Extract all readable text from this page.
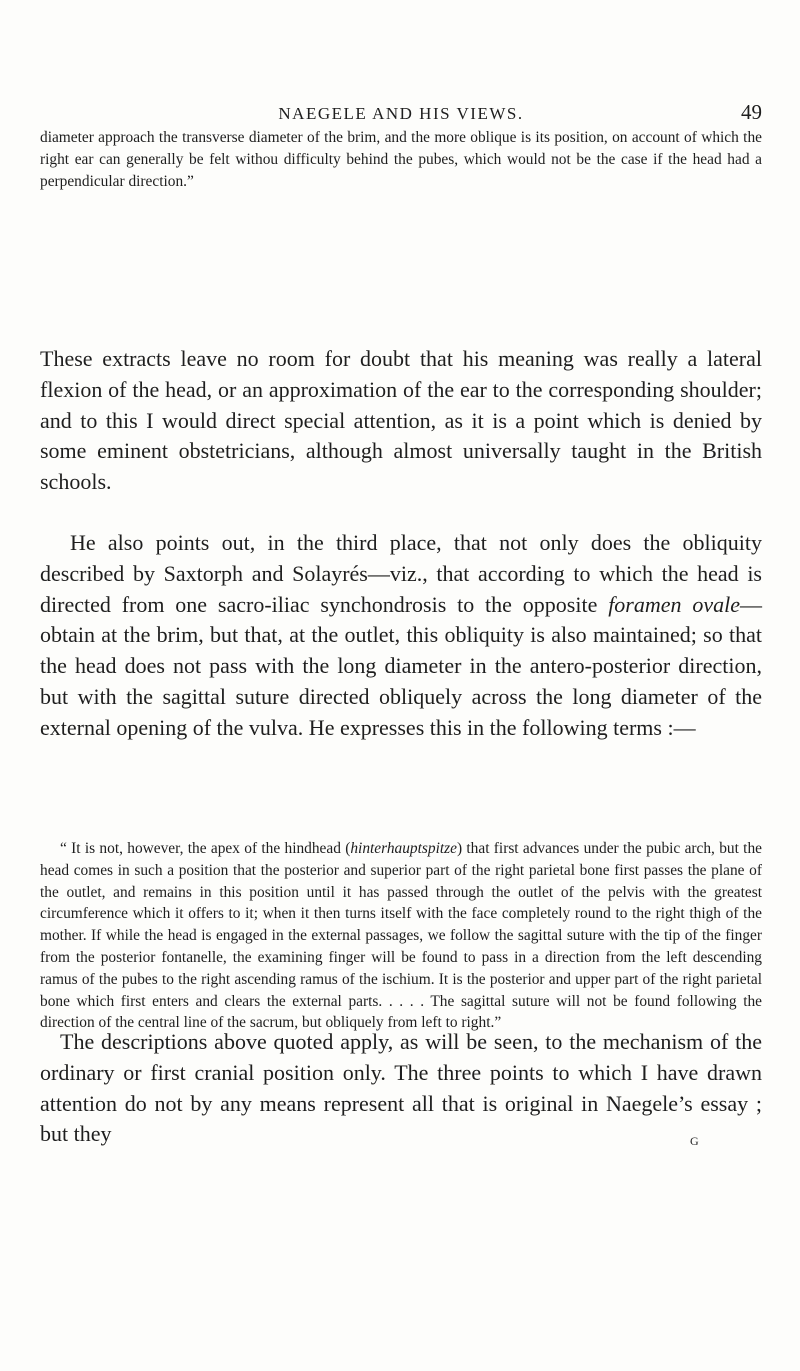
NAEGELE AND HIS VIEWS.	49

diameter approach the transverse diameter of the brim, and the more oblique is its position, on account of which the right ear can generally be felt withou difficulty behind the pubes, which would not be the case if the head had a perpendicular direction.”

These extracts leave no room for doubt that his meaning was really a lateral flexion of the head, or an approximation of the ear to the corresponding shoulder; and to this I would direct special attention, as it is a point which is denied by some eminent obstetricians, although almost universally taught in the British schools.

He also points out, in the third place, that not only does the obliquity described by Saxtorph and Solayrés—viz., that according to which the head is directed from one sacro-iliac synchondrosis to the opposite foramen ovale—obtain at the brim, but that, at the outlet, this obliquity is also maintained; so that the head does not pass with the long diameter in the antero-posterior direction, but with the sagittal suture directed obliquely across the long diameter of the external opening of the vulva. He expresses this in the following terms :—

“ It is not, however, the apex of the hindhead (hinterhauptspitze) that first advances under the pubic arch, but the head comes in such a position that the posterior and superior part of the right parietal bone first passes the plane of the outlet, and remains in this position until it has passed through the outlet of the pelvis with the greatest circumference which it offers to it; when it then turns itself with the face completely round to the right thigh of the mother. If while the head is engaged in the external passages, we follow the sagittal suture with the tip of the finger from the posterior fontanelle, the examining finger will be found to pass in a direction from the left descending ramus of the pubes to the right ascending ramus of the ischium. It is the posterior and upper part of the right parietal bone which first enters and clears the external parts. . . . . The sagittal suture will not be found following the direction of the central line of the sacrum, but obliquely from left to right.”

The descriptions above quoted apply, as will be seen, to the mechanism of the ordinary or first cranial position only. The three points to which I have drawn attention do not by any means represent all that is original in Naegele’s essay ; but they	G
